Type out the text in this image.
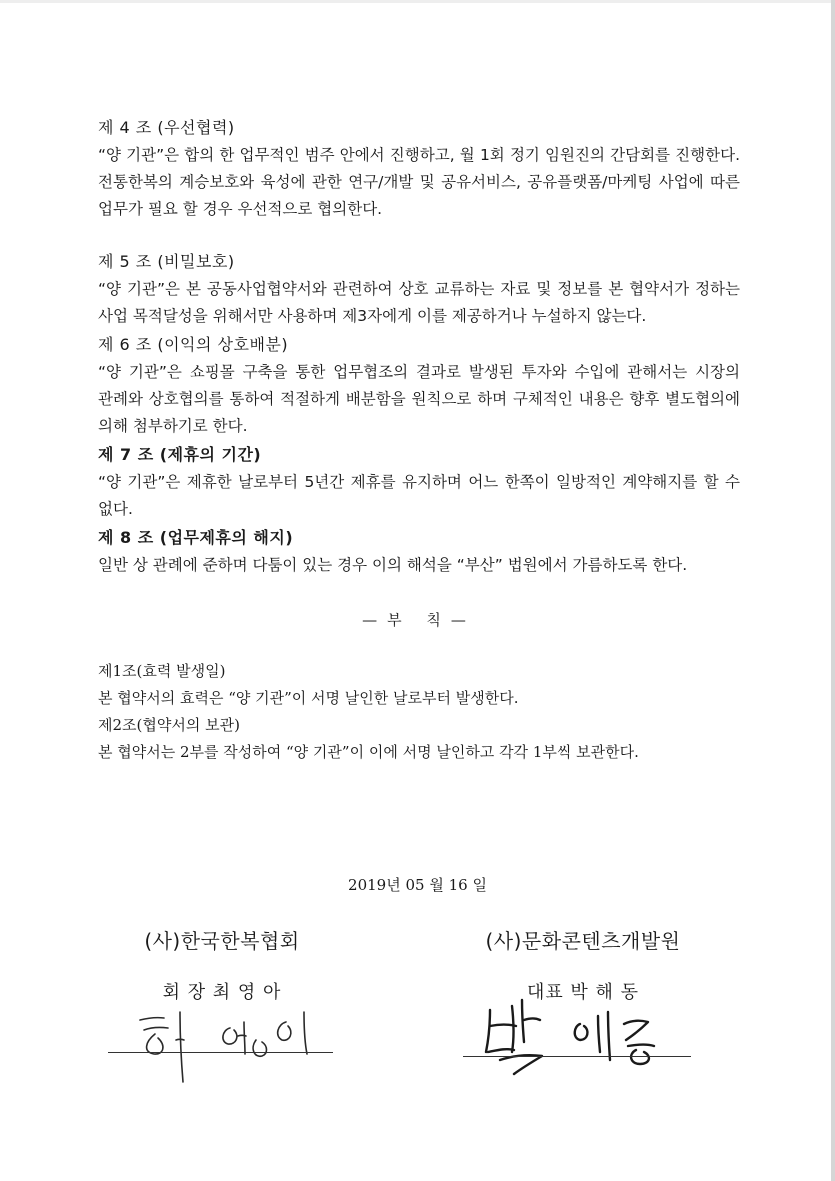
제 4 조 (우선협력)
“양 기관”은 합의 한 업무적인 범주 안에서 진행하고, 월 1회 정기 임원진의 간담회를 진행한다. 전통한복의 계승보호와 육성에 관한 연구/개발 및 공유서비스, 공유플랫폼/마케팅 사업에 따른 업무가 필요 할 경우 우선적으로 협의한다.
제 5 조 (비밀보호)
“양 기관”은 본 공동사업협약서와 관련하여 상호 교류하는 자료 및 정보를 본 협약서가 정하는 사업 목적달성을 위해서만 사용하며 제3자에게 이를 제공하거나 누설하지 않는다.
제 6 조 (이익의 상호배분)
“양 기관”은 쇼핑몰 구축을 통한 업무협조의 결과로 발생된 투자와 수입에 관해서는 시장의 관례와 상호협의를 통하여 적절하게 배분함을 원칙으로 하며 구체적인 내용은 향후 별도협의에 의해 첨부하기로 한다.
제 7 조 (제휴의 기간)
“양 기관”은 제휴한 날로부터 5년간 제휴를 유지하며 어느 한쪽이 일방적인 계약해지를 할 수 없다.
제 8 조 (업무제휴의 해지)
일반 상 관례에 준하며 다툼이 있는 경우 이의 해석을 “부산” 법원에서 가름하도록 한다.
—부 칙—
제1조(효력 발생일)
본 협약서의 효력은 “양 기관”이 서명 날인한 날로부터 발생한다.
제2조(협약서의 보관)
본 협약서는 2부를 작성하여 “양 기관”이 이에 서명 날인하고 각각 1부씩 보관한다.
2019년 05 월 16 일
(사)한국한복협회
회 장 최 영 아
(사)문화콘텐츠개발원
대표 박 해 동
